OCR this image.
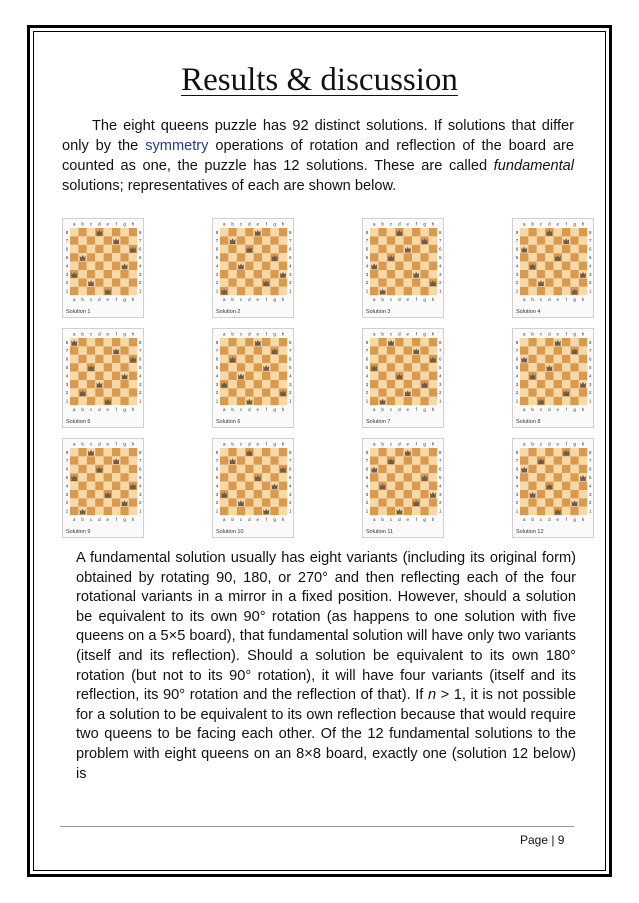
Results & discussion

The eight queens puzzle has 92 distinct solutions. If solutions that differ only by the symmetry operations of rotation and reflection of the board are counted as one, the puzzle has 12 solutions. These are called fundamental solutions; representatives of each are shown below.

a
a
b
b
c
c
d
d
e
e
f
f
g
g
h
h
8	8
7	7
6	6
5	5
4	4
3	3
2	2
1	1
Solution 1
a
a
b
b
c
c
d
d
e
e
f
f
g
g
h
h
8	8
7	7
6	6
5	5
4	4
3	3
2	2
1	1
Solution 2
a
a
b
b
c
c
d
d
e
e
f
f
g
g
h
h
8	8
7	7
6	6
5	5
4	4
3	3
2	2
1	1
Solution 3
a
a
b
b
c
c
d
d
e
e
f
f
g
g
h
h
8	8
7	7
6	6
5	5
4	4
3	3
2	2
1	1
Solution 4
a
a
b
b
c
c
d
d
e
e
f
f
g
g
h
h
8	8
7	7
6	6
5	5
4	4
3	3
2	2
1	1
Solution 5
a
a
b
b
c
c
d
d
e
e
f
f
g
g
h
h
8	8
7	7
6	6
5	5
4	4
3	3
2	2
1	1
Solution 6
a
a
b
b
c
c
d
d
e
e
f
f
g
g
h
h
8	8
7	7
6	6
5	5
4	4
3	3
2	2
1	1
Solution 7
a
a
b
b
c
c
d
d
e
e
f
f
g
g
h
h
8	8
7	7
6	6
5	5
4	4
3	3
2	2
1	1
Solution 8
a
a
b
b
c
c
d
d
e
e
f
f
g
g
h
h
8	8
7	7
6	6
5	5
4	4
3	3
2	2
1	1
Solution 9
a
a
b
b
c
c
d
d
e
e
f
f
g
g
h
h
8	8
7	7
6	6
5	5
4	4
3	3
2	2
1	1
Solution 10
a
a
b
b
c
c
d
d
e
e
f
f
g
g
h
h
8	8
7	7
6	6
5	5
4	4
3	3
2	2
1	1
Solution 11
a
a
b
b
c
c
d
d
e
e
f
f
g
g
h
h
8	8
7	7
6	6
5	5
4	4
3	3
2	2
1	1
Solution 12

A fundamental solution usually has eight variants (including its original form) obtained by rotating 90, 180, or 270° and then reflecting each of the four rotational variants in a mirror in a fixed position. However, should a solution be equivalent to its own 90° rotation (as happens to one solution with five queens on a 5×5 board), that fundamental solution will have only two variants (itself and its reflection). Should a solution be equivalent to its own 180° rotation (but not to its 90° rotation), it will have four variants (itself and its reflection, its 90° rotation and the reflection of that). If n > 1, it is not possible for a solution to be equivalent to its own reflection because that would require two queens to be facing each other. Of the 12 fundamental solutions to the problem with eight queens on an 8×8 board, exactly one (solution 12 below) is

Page | 9
